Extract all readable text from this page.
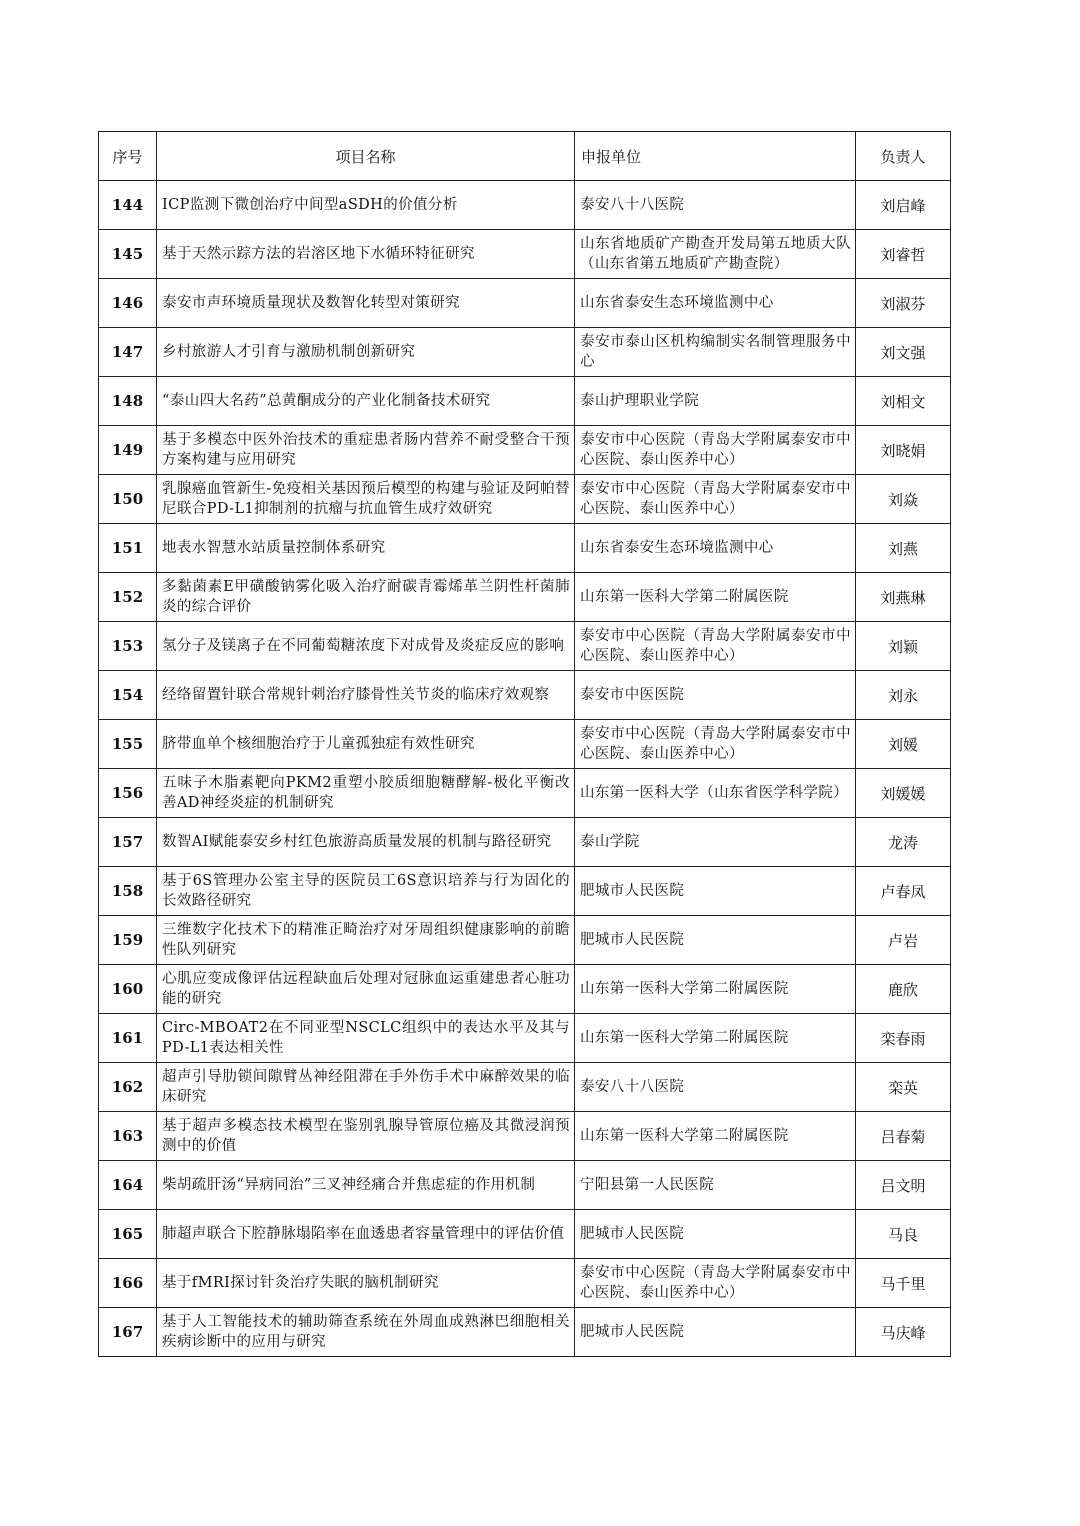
序号	项目名称	申报单位	负责人
144	ICP监测下微创治疗中间型aSDH的价值分析	泰安八十八医院	刘启峰
145	基于天然示踪方法的岩溶区地下水循环特征研究	山东省地质矿产勘查开发局第五地质大队（山东省第五地质矿产勘查院）	刘睿哲
146	泰安市声环境质量现状及数智化转型对策研究	山东省泰安生态环境监测中心	刘淑芬
147	乡村旅游人才引育与激励机制创新研究	泰安市泰山区机构编制实名制管理服务中心	刘文强
148	“泰山四大名药”总黄酮成分的产业化制备技术研究	泰山护理职业学院	刘相文
149	基于多模态中医外治技术的重症患者肠内营养不耐受整合干预方案构建与应用研究	泰安市中心医院（青岛大学附属泰安市中心医院、泰山医养中心）	刘晓娟
150	乳腺癌血管新生-免疫相关基因预后模型的构建与验证及阿帕替尼联合PD-L1抑制剂的抗瘤与抗血管生成疗效研究	泰安市中心医院（青岛大学附属泰安市中心医院、泰山医养中心）	刘焱
151	地表水智慧水站质量控制体系研究	山东省泰安生态环境监测中心	刘燕
152	多黏菌素E甲磺酸钠雾化吸入治疗耐碳青霉烯革兰阴性杆菌肺炎的综合评价	山东第一医科大学第二附属医院	刘燕琳
153	氢分子及镁离子在不同葡萄糖浓度下对成骨及炎症反应的影响	泰安市中心医院（青岛大学附属泰安市中心医院、泰山医养中心）	刘颖
154	经络留置针联合常规针刺治疗膝骨性关节炎的临床疗效观察	泰安市中医医院	刘永
155	脐带血单个核细胞治疗于儿童孤独症有效性研究	泰安市中心医院（青岛大学附属泰安市中心医院、泰山医养中心）	刘媛
156	五味子木脂素靶向PKM2重塑小胶质细胞糖酵解-极化平衡改善AD神经炎症的机制研究	山东第一医科大学（山东省医学科学院）	刘媛媛
157	数智AI赋能泰安乡村红色旅游高质量发展的机制与路径研究	泰山学院	龙涛
158	基于6S管理办公室主导的医院员工6S意识培养与行为固化的长效路径研究	肥城市人民医院	卢春凤
159	三维数字化技术下的精准正畸治疗对牙周组织健康影响的前瞻性队列研究	肥城市人民医院	卢岩
160	心肌应变成像评估远程缺血后处理对冠脉血运重建患者心脏功能的研究	山东第一医科大学第二附属医院	鹿欣
161	Circ-MBOAT2在不同亚型NSCLC组织中的表达水平及其与PD-L1表达相关性	山东第一医科大学第二附属医院	栾春雨
162	超声引导肋锁间隙臂丛神经阻滞在手外伤手术中麻醉效果的临床研究	泰安八十八医院	栾英
163	基于超声多模态技术模型在鉴别乳腺导管原位癌及其微浸润预测中的价值	山东第一医科大学第二附属医院	吕春菊
164	柴胡疏肝汤“异病同治”三叉神经痛合并焦虑症的作用机制	宁阳县第一人民医院	吕文明
165	肺超声联合下腔静脉塌陷率在血透患者容量管理中的评估价值	肥城市人民医院	马良
166	基于fMRI探讨针灸治疗失眠的脑机制研究	泰安市中心医院（青岛大学附属泰安市中心医院、泰山医养中心）	马千里
167	基于人工智能技术的辅助筛查系统在外周血成熟淋巴细胞相关疾病诊断中的应用与研究	肥城市人民医院	马庆峰
